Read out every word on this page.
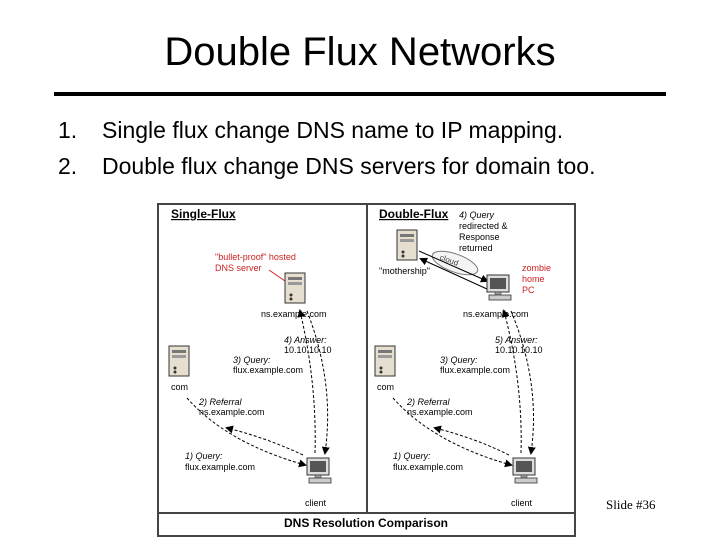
Double Flux Networks
1.	Single flux change DNS name to IP mapping.
2.	Double flux change DNS servers for domain too.
DNS Resolution Comparison
Single-Flux
"bullet-proof" hosted
DNS server
ns.example.com
com
client
4) Answer:
10.10.10.10
3) Query:
flux.example.com
2) Referral
ns.example.com
1) Query:
flux.example.com
Double-Flux 4) Query
redirected &
Response
returned
"mothership"
cloud
zombie
home
PC
ns.example.com
com
client
5) Answer:
10.10.10.10
3) Query:
flux.example.com
2) Referral
ns.example.com
1) Query:
flux.example.com
Slide #36
